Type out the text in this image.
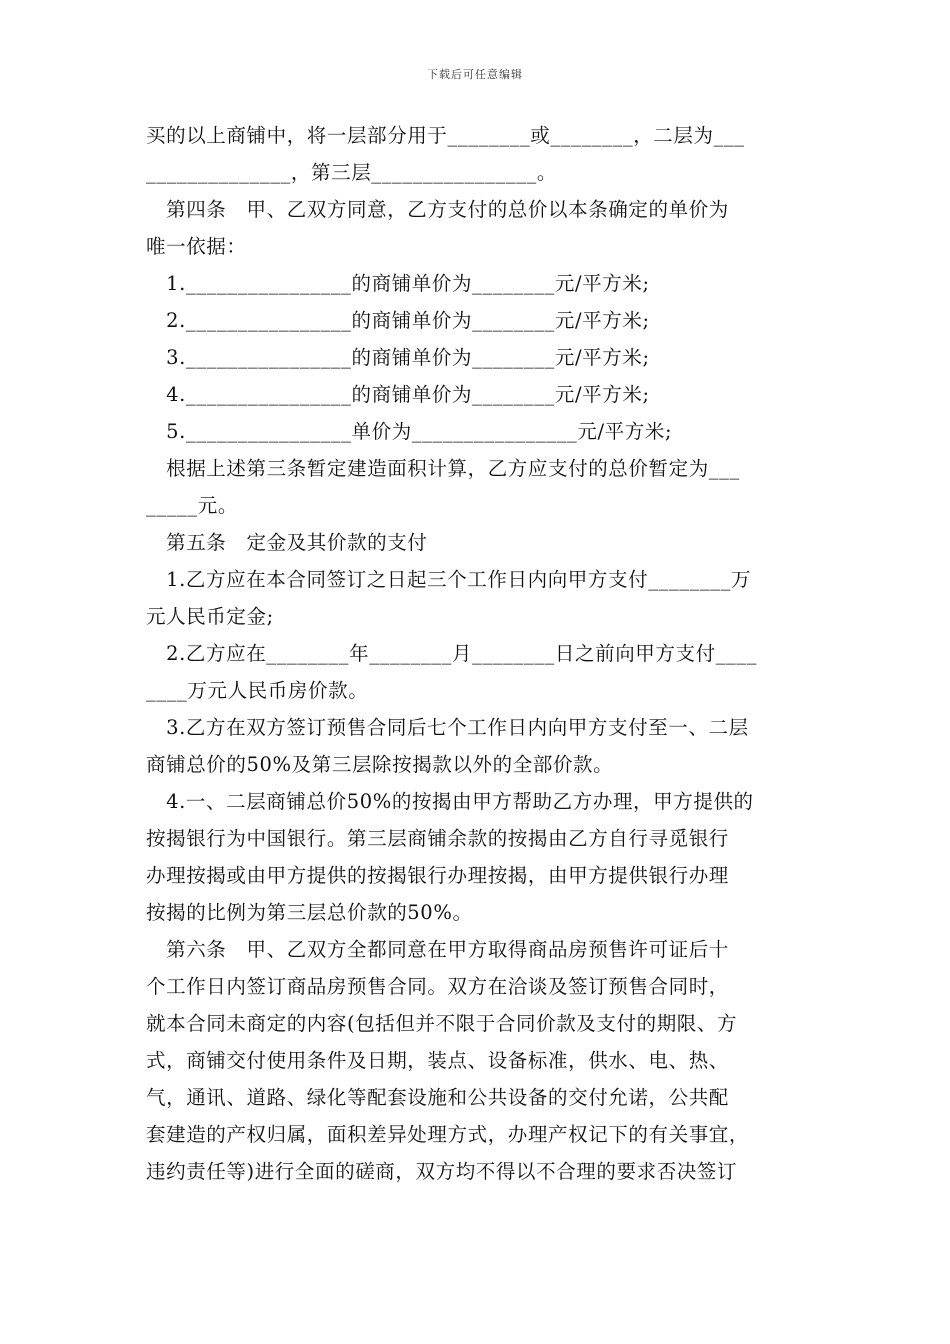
下载后可任意编辑
买的以上商铺中，将一层部分用于________或________，二层为___
______________，第三层________________。
　第四条　甲、乙双方同意，乙方支付的总价以本条确定的单价为
唯一依据：
　1.________________的商铺单价为________元/平方米;
　2.________________的商铺单价为________元/平方米;
　3.________________的商铺单价为________元/平方米;
　4.________________的商铺单价为________元/平方米;
　5.________________单价为________________元/平方米;
　根据上述第三条暂定建造面积计算，乙方应支付的总价暂定为___
_____元。
　第五条　定金及其价款的支付
　1.乙方应在本合同签订之日起三个工作日内向甲方支付________万
元人民币定金;
　2.乙方应在________年________月________日之前向甲方支付____
____万元人民币房价款。
　3.乙方在双方签订预售合同后七个工作日内向甲方支付至一、二层
商铺总价的50%及第三层除按揭款以外的全部价款。
　4.一、二层商铺总价50%的按揭由甲方帮助乙方办理，甲方提供的
按揭银行为中国银行。第三层商铺余款的按揭由乙方自行寻觅银行
办理按揭或由甲方提供的按揭银行办理按揭，由甲方提供银行办理
按揭的比例为第三层总价款的50%。
　第六条　甲、乙双方全都同意在甲方取得商品房预售许可证后十
个工作日内签订商品房预售合同。双方在洽谈及签订预售合同时，
就本合同未商定的内容(包括但并不限于合同价款及支付的期限、方
式，商铺交付使用条件及日期，装点、设备标准，供水、电、热、
气，通讯、道路、绿化等配套设施和公共设备的交付允诺，公共配
套建造的产权归属，面积差异处理方式，办理产权记下的有关事宜，
违约责任等)进行全面的磋商，双方均不得以不合理的要求否决签订
